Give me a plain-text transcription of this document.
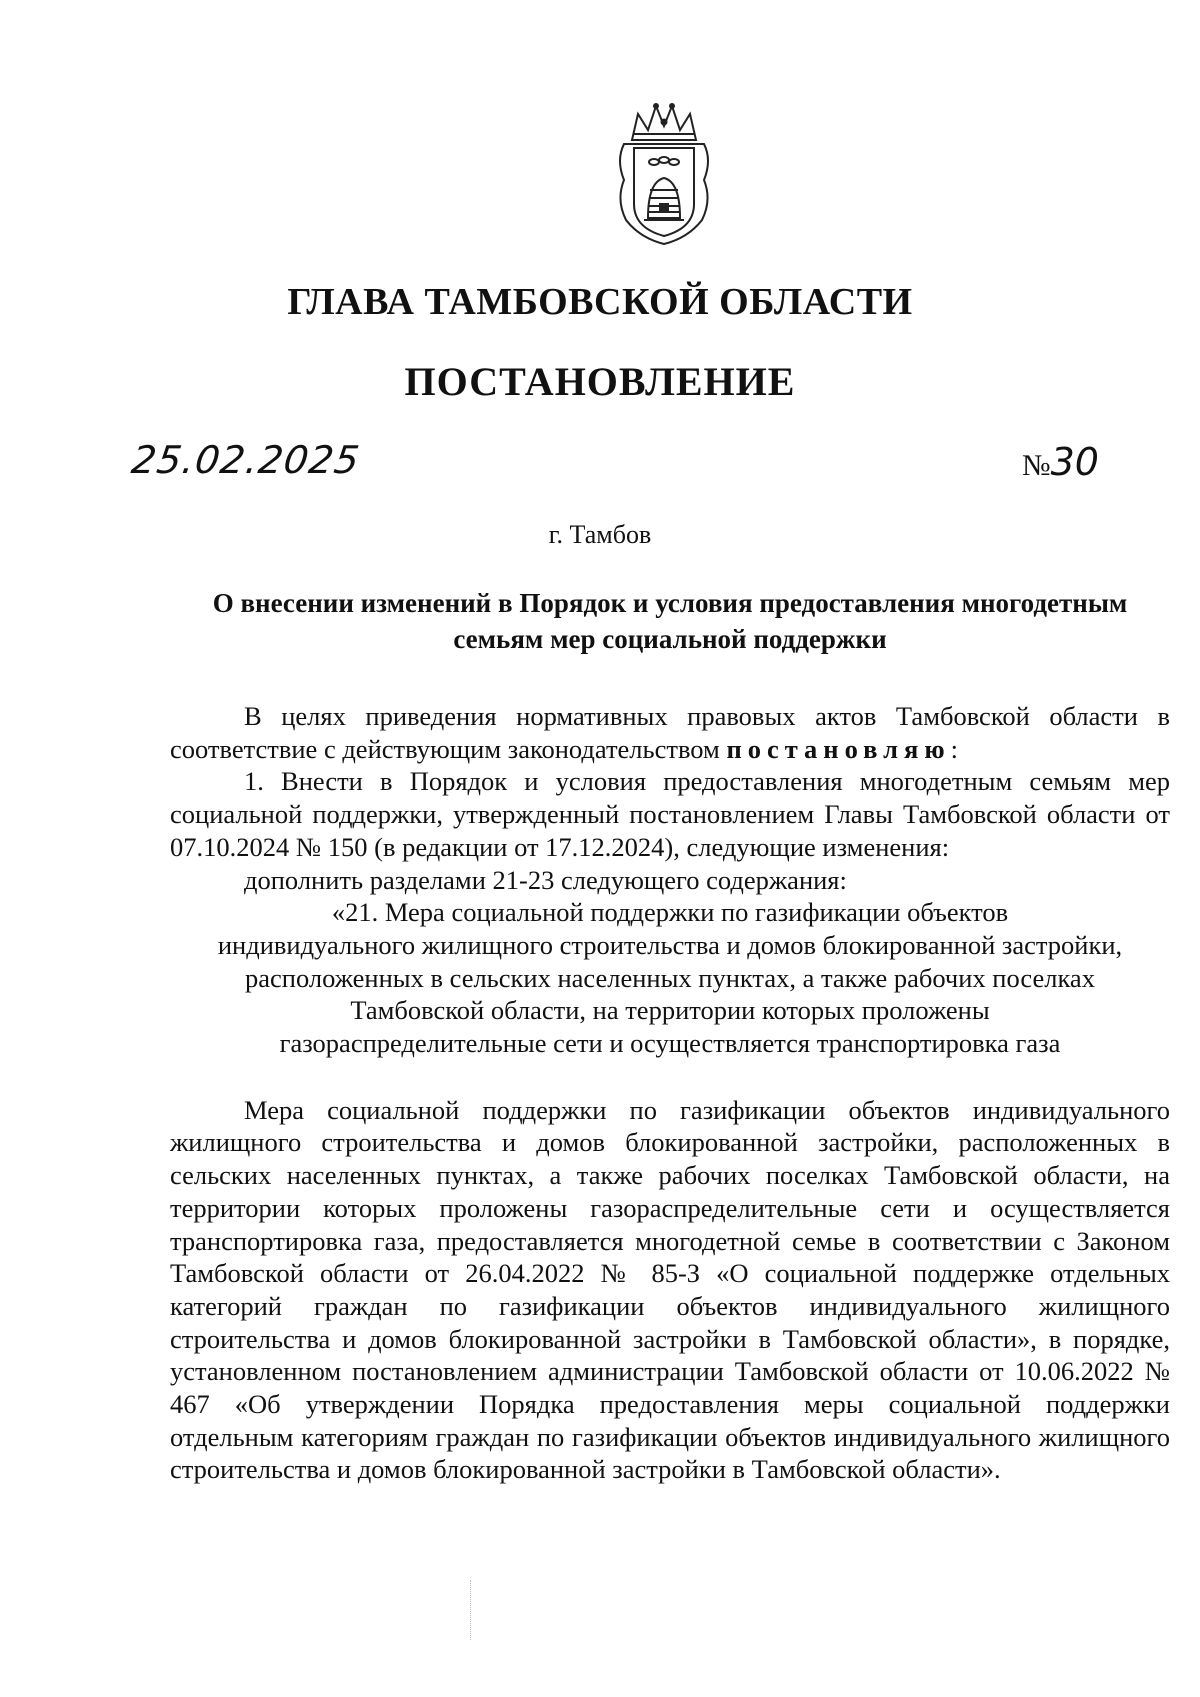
ГЛАВА ТАМБОВСКОЙ ОБЛАСТИ
ПОСТАНОВЛЕНИЕ
25.02.2025	№30
г. Тамбов
О внесении изменений в Порядок и условия предоставления многодетным
семьям мер социальной поддержки

В целях приведения нормативных правовых актов Тамбовской области в соответствие с действующим законодательством постановляю:

1. Внести в Порядок и условия предоставления многодетным семьям мер социальной поддержки, утвержденный постановлением Главы Тамбовской области от 07.10.2024 № 150 (в редакции от 17.12.2024), следующие изменения:

дополнить разделами 21-23 следующего содержания:

«21. Мера социальной поддержки по газификации объектов

индивидуального жилищного строительства и домов блокированной застройки,

расположенных в сельских населенных пунктах, а также рабочих поселках

Тамбовской области, на территории которых проложены

газораспределительные сети и осуществляется транспортировка газа

Мера социальной поддержки по газификации объектов индивидуального жилищного строительства и домов блокированной застройки, расположенных в сельских населенных пунктах, а также рабочих поселках Тамбовской области, на территории которых проложены газораспределительные сети и осуществляется транспортировка газа, предоставляется многодетной семье в соответствии с Законом Тамбовской области от 26.04.2022 № 85-З «О социальной поддержке отдельных категорий граждан по газификации объектов индивидуального жилищного строительства и домов блокированной застройки в Тамбовской области», в порядке, установленном постановлением администрации Тамбовской области от 10.06.2022 № 467 «Об утверждении Порядка предоставления меры социальной поддержки отдельным категориям граждан по газификации объектов индивидуального жилищного строительства и домов блокированной застройки в Тамбовской области».
